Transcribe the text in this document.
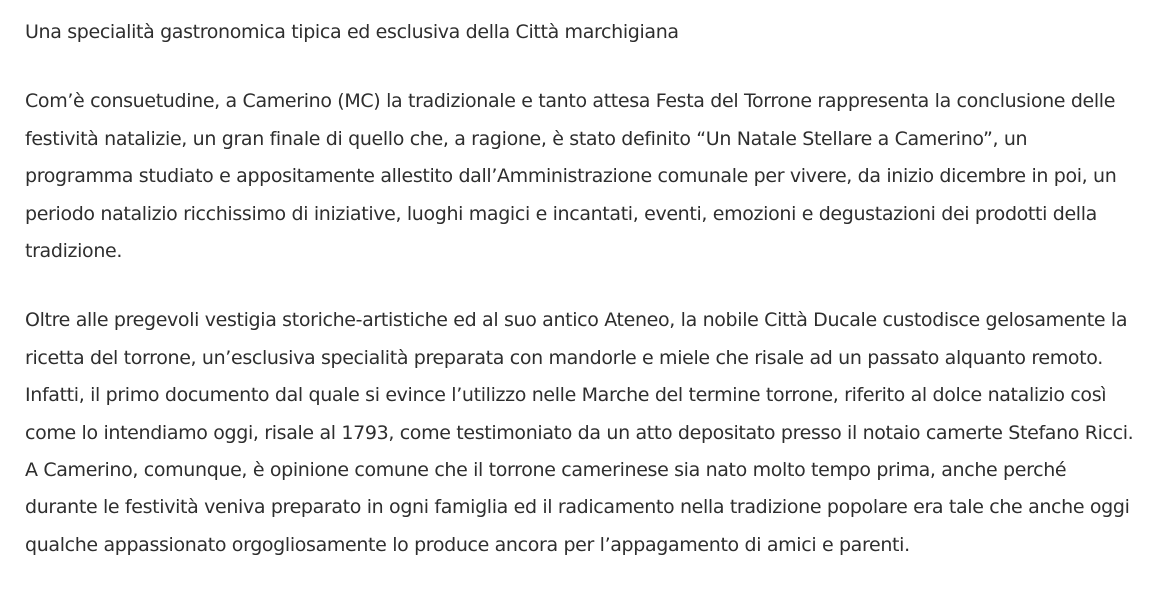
Una specialità gastronomica tipica ed esclusiva della Città marchigiana

Com’è consuetudine, a Camerino (MC) la tradizionale e tanto attesa Festa del Torrone rappresenta la conclusione delle festività natalizie, un gran finale di quello che, a ragione, è stato definito “Un Natale Stellare a Camerino”, un programma studiato e appositamente allestito dall’Amministrazione comunale per vivere, da inizio dicembre in poi, un periodo natalizio ricchissimo di iniziative, luoghi magici e incantati, eventi, emozioni e degustazioni dei prodotti della tradizione.

Oltre alle pregevoli vestigia storiche-artistiche ed al suo antico Ateneo, la nobile Città Ducale custodisce gelosamente la ricetta del torrone, un’esclusiva specialità preparata con mandorle e miele che risale ad un passato alquanto remoto. Infatti, il primo documento dal quale si evince l’utilizzo nelle Marche del termine torrone, riferito al dolce natalizio così come lo intendiamo oggi, risale al 1793, come testimoniato da un atto depositato presso il notaio camerte Stefano Ricci. A Camerino, comunque, è opinione comune che il torrone camerinese sia nato molto tempo prima, anche perché durante le festività veniva preparato in ogni famiglia ed il radicamento nella tradizione popolare era tale che anche oggi qualche appassionato orgogliosamente lo produce ancora per l’appagamento di amici e parenti.
